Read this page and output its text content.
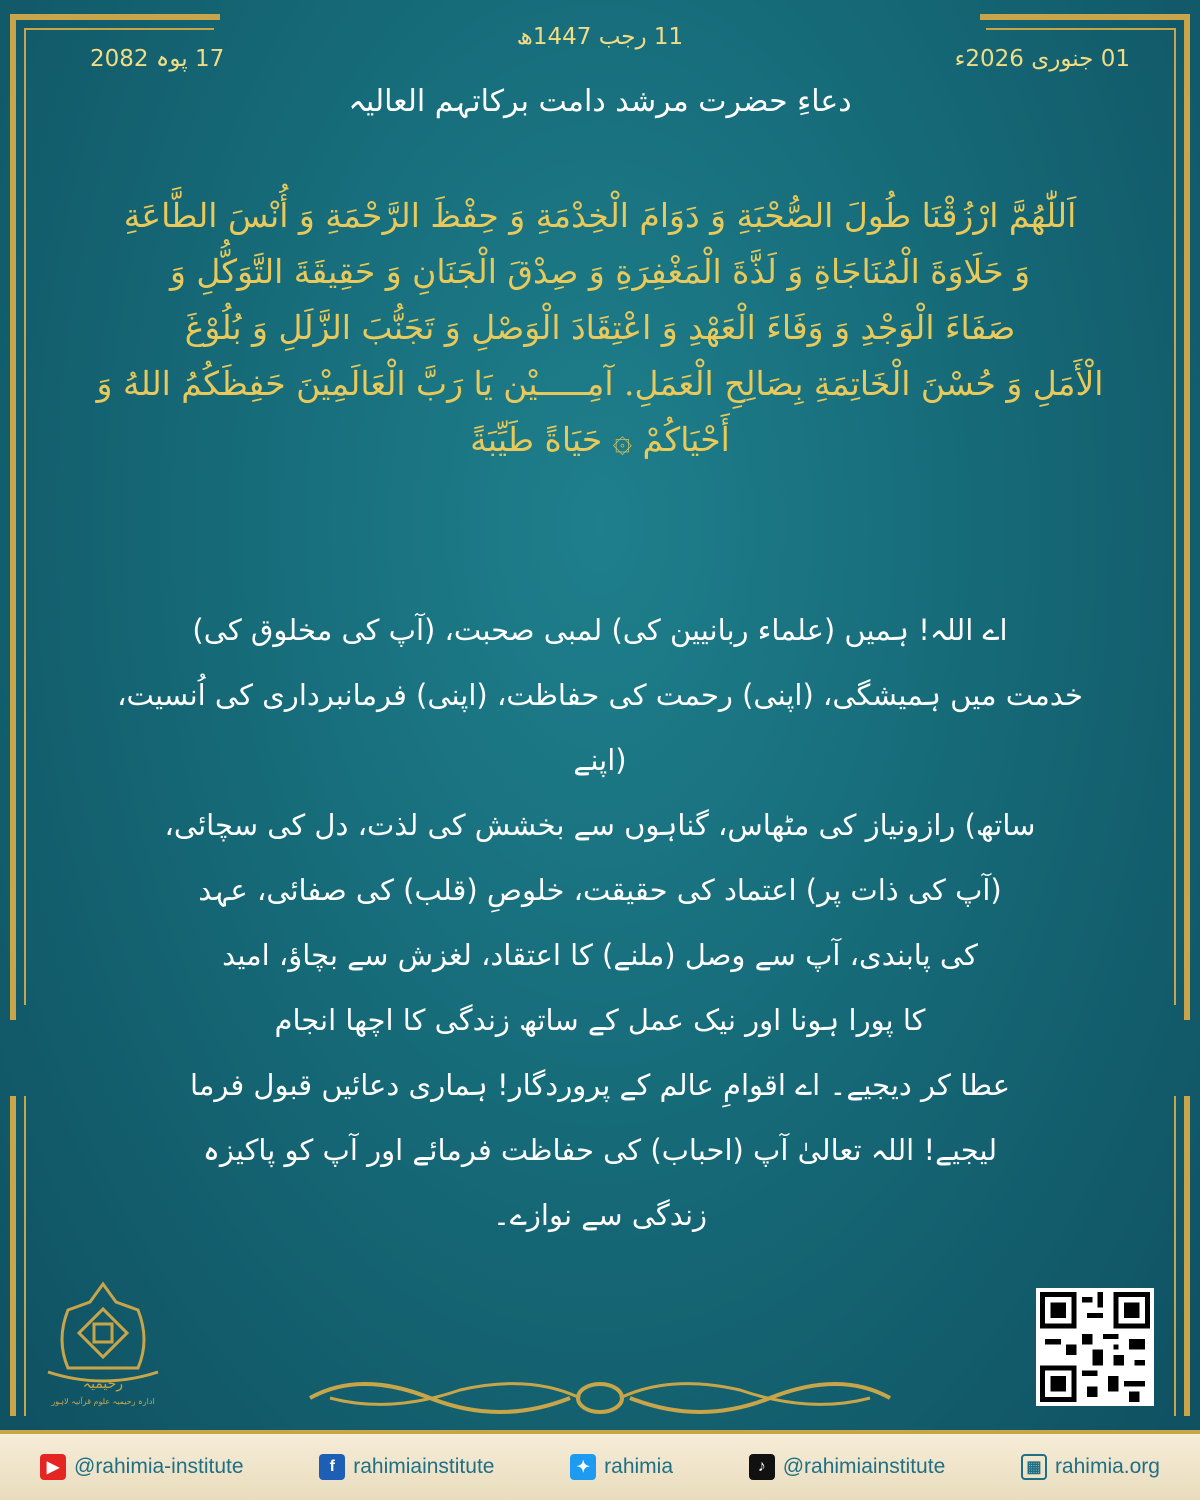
11 رجب 1447ھ
01 جنوری 2026ء
17 پوہ 2082
دعاءِ حضرت مرشد دامت برکاتہم العالیہ
اَللّٰهُمَّ ارْزُقْنَا طُولَ الصُّحْبَةِ وَ دَوَامَ الْخِدْمَةِ وَ حِفْظَ الرَّحْمَةِ وَ أُنْسَ الطَّاعَةِ
وَ حَلَاوَةَ الْمُنَاجَاةِ وَ لَذَّةَ الْمَغْفِرَةِ وَ صِدْقَ الْجَنَانِ وَ حَقِيقَةَ التَّوَكُّلِ وَ
صَفَاءَ الْوَجْدِ وَ وَفَاءَ الْعَهْدِ وَ اعْتِقَادَ الْوَصْلِ وَ تَجَنُّبَ الزَّلَلِ وَ بُلُوْغَ
الْأَمَلِ وَ حُسْنَ الْخَاتِمَةِ بِصَالِحِ الْعَمَلِ. آمِـــــيْن يَا رَبَّ الْعَالَمِيْنَ حَفِظَكُمُ اللهُ وَ
أَحْيَاكُمْ ۞ حَيَاةً طَيِّبَةً
اے اللہ! ہمیں (علماء ربانیین کی) لمبی صحبت، (آپ کی مخلوق کی)
خدمت میں ہمیشگی، (اپنی) رحمت کی حفاظت، (اپنی) فرمانبرداری کی اُنسیت، (اپنے
ساتھ) رازونیاز کی مٹھاس، گناہوں سے بخشش کی لذت، دل کی سچائی،
(آپ کی ذات پر) اعتماد کی حقیقت، خلوصِ (قلب) کی صفائی، عہد
کی پابندی، آپ سے وصل (ملنے) کا اعتقاد، لغزش سے بچاؤ، امید
کا پورا ہونا اور نیک عمل کے ساتھ زندگی کا اچھا انجام
عطا کر دیجیے۔ اے اقوامِ عالم کے پروردگار! ہماری دعائیں قبول فرما
لیجیے! اللہ تعالیٰ آپ (احباب) کی حفاظت فرمائے اور آپ کو پاکیزہ
زندگی سے نوازے۔
رحیمیہ
ادارہ رحیمیہ علوم قرآنیہ لاہور
▶ @rahimia-institute	f rahimiainstitute	✦ rahimia	♪ @rahimiainstitute	▦ rahimia.org
